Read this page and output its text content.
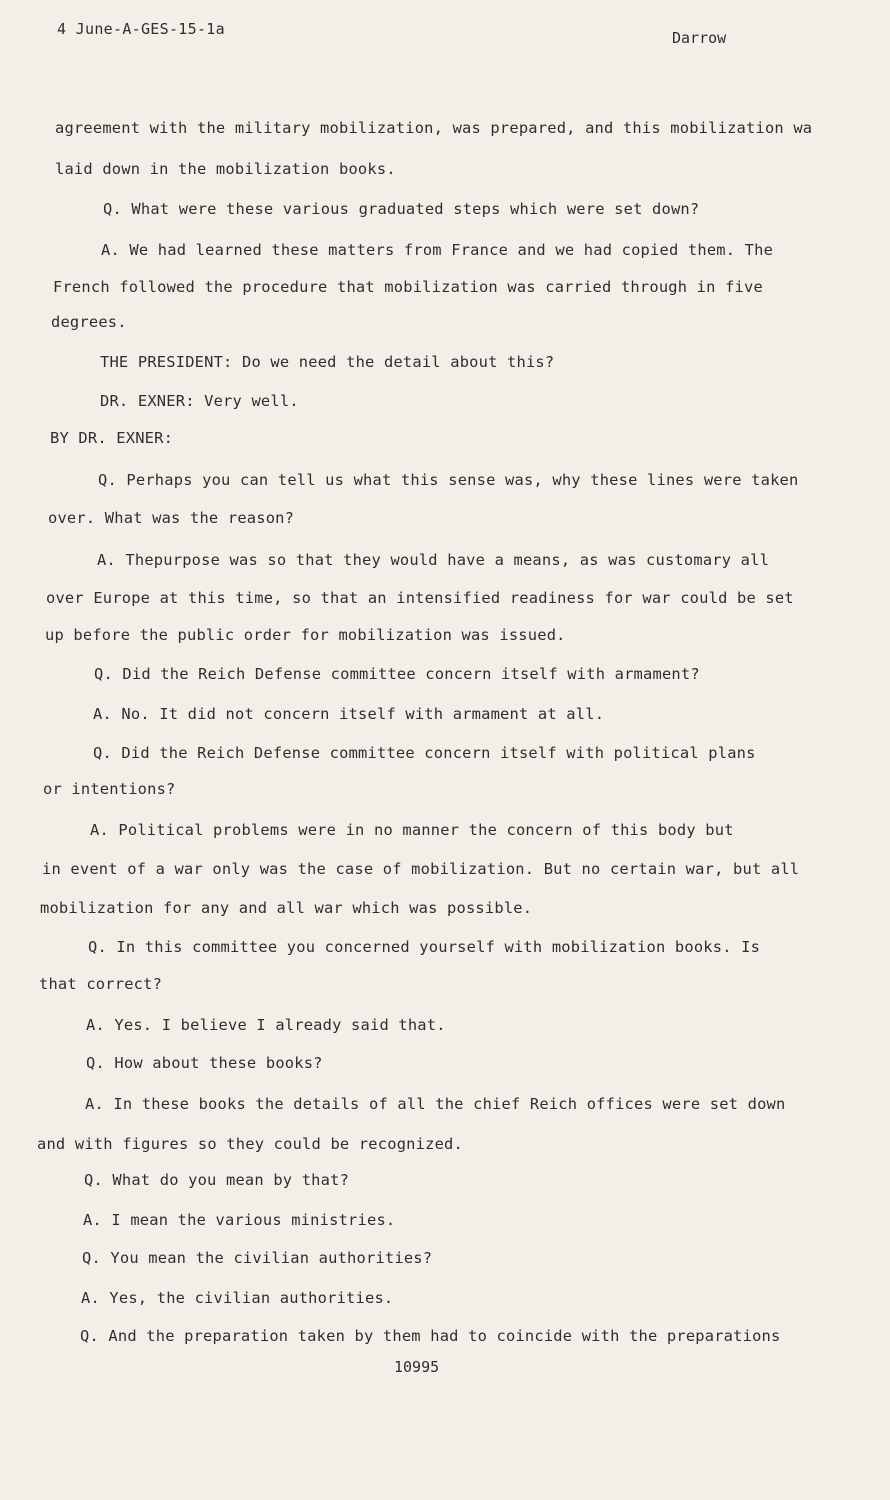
4 June-A-GES-15-1a	Darrow
agreement with the military mobilization, was prepared, and this mobilization wa
laid down in the mobilization books.
Q. What were these various graduated steps which were set down?
A. We had learned these matters from France and we had copied them. The
French followed the procedure that mobilization was carried through in five
degrees.
THE PRESIDENT: Do we need the detail about this?
DR. EXNER: Very well.
BY DR. EXNER:
Q. Perhaps you can tell us what this sense was, why these lines were taken
over. What was the reason?
A. Thepurpose was so that they would have a means, as was customary all
over Europe at this time, so that an intensified readiness for war could be set
up before the public order for mobilization was issued.
Q. Did the Reich Defense committee concern itself with armament?
A. No. It did not concern itself with armament at all.
Q. Did the Reich Defense committee concern itself with political plans
or intentions?
A. Political problems were in no manner the concern of this body but
in event of a war only was the case of mobilization. But no certain war, but all
mobilization for any and all war which was possible.
Q. In this committee you concerned yourself with mobilization books. Is
that correct?
A. Yes. I believe I already said that.
Q. How about these books?
A. In these books the details of all the chief Reich offices were set down
and with figures so they could be recognized.
Q. What do you mean by that?
A. I mean the various ministries.
Q. You mean the civilian authorities?
A. Yes, the civilian authorities.
Q. And the preparation taken by them had to coincide with the preparations
10995
